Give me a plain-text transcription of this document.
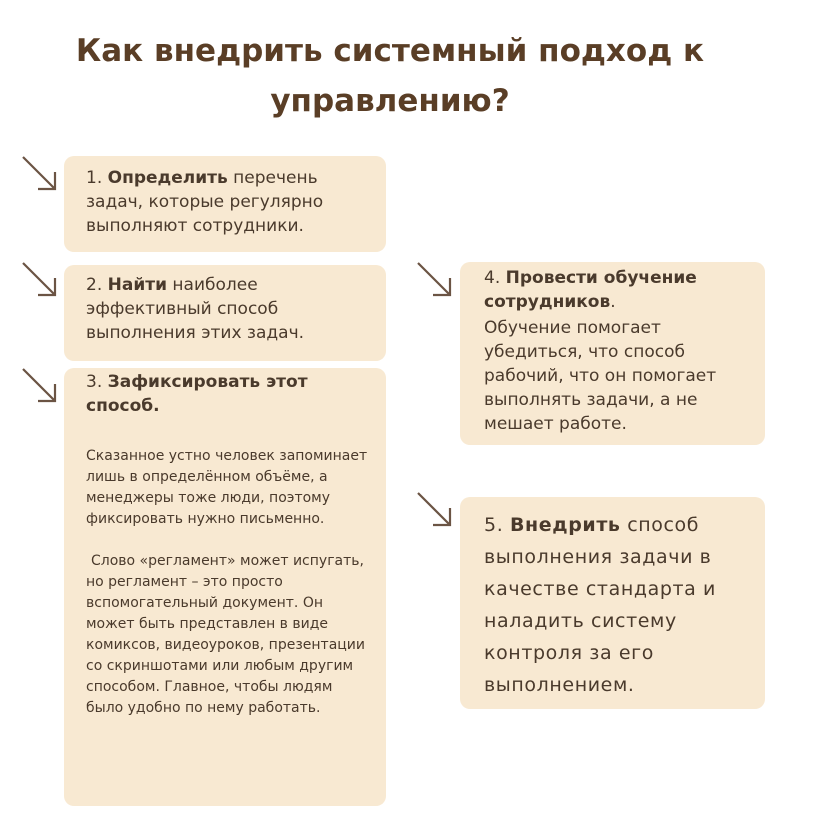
Как внедрить системный подход к
управлению?
1. Определить перечень задач, которые регулярно выполняют сотрудники.
2. Найти наиболее эффективный способ выполнения этих задач.
3. Зафиксировать этот способ.

Сказанное устно человек запоминает лишь в определённом объёме, а менеджеры тоже люди, поэтому фиксировать нужно письменно.

Слово «регламент» может испугать, но регламент – это просто вспомогательный документ. Он может быть представлен в виде комиксов, видеоуроков, презентации со скриншотами или любым другим способом. Главное, чтобы людям было удобно по нему работать.

4. Провести обучение сотрудников.
Обучение помогает убедиться, что способ рабочий, что он помогает выполнять задачи, а не мешает работе.
5. Внедрить способ выполнения задачи в качестве стандарта и наладить систему контроля за его выполнением.
